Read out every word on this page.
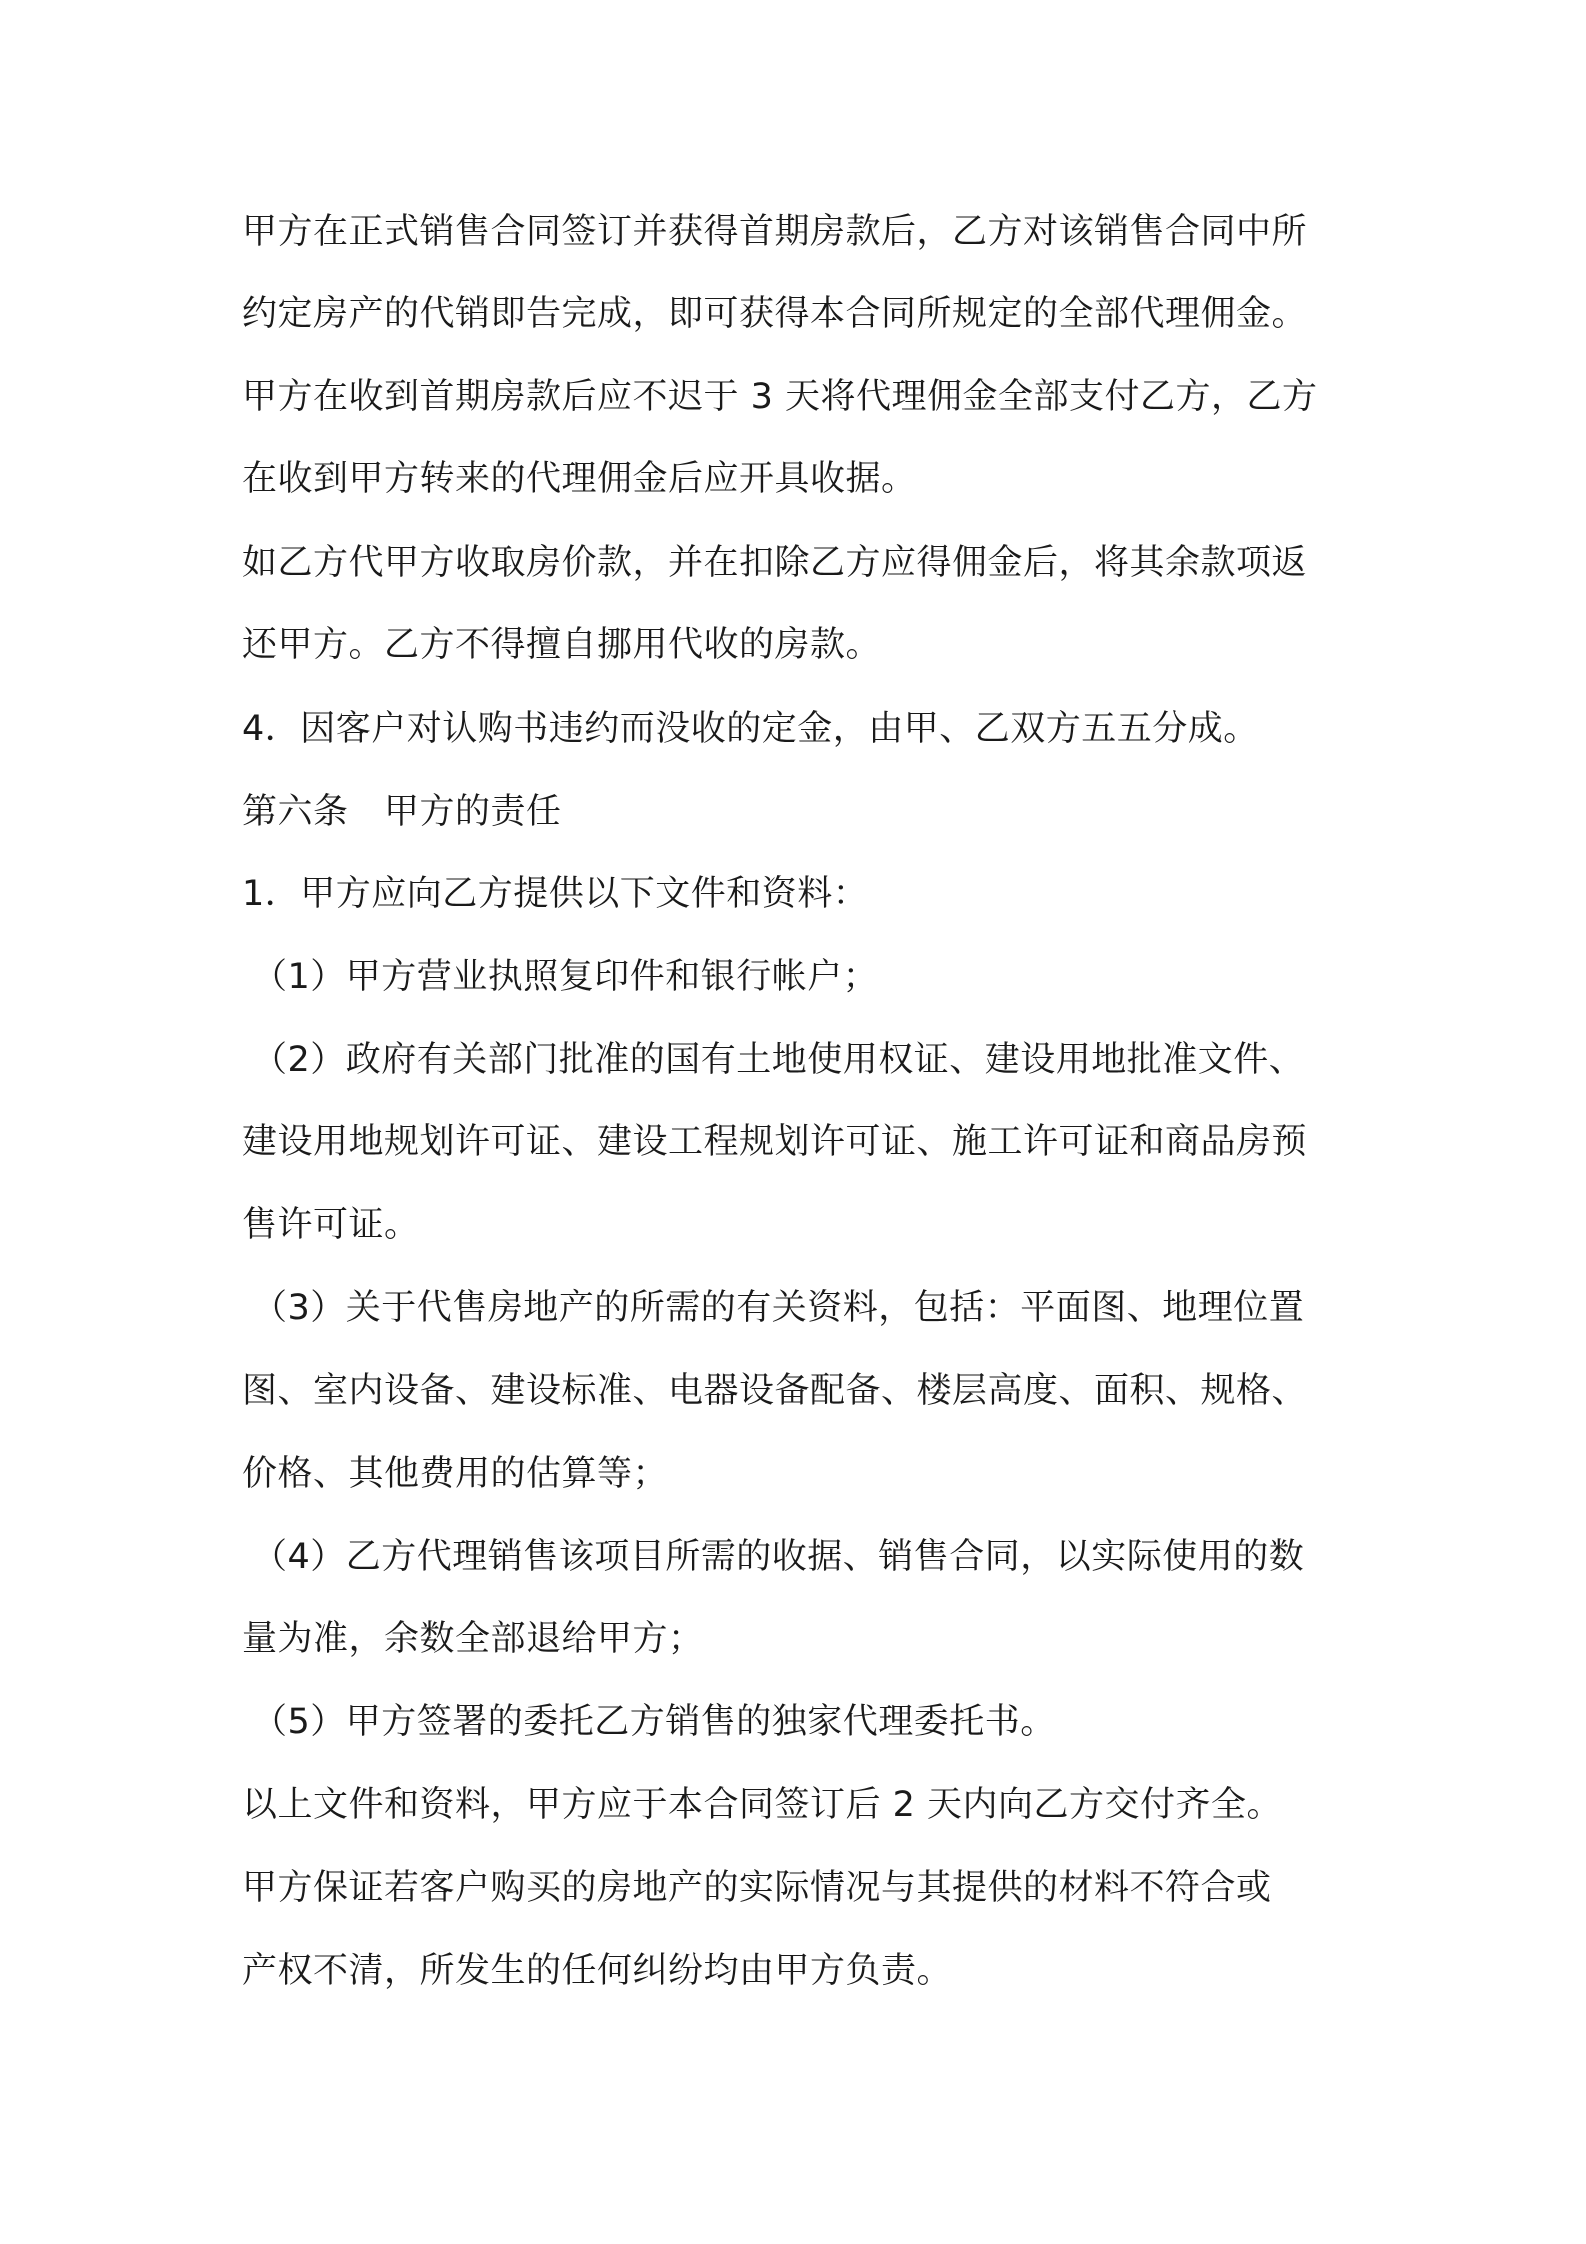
甲方在正式销售合同签订并获得首期房款后，乙方对该销售合同中所
约定房产的代销即告完成，即可获得本合同所规定的全部代理佣金。
甲方在收到首期房款后应不迟于 3 天将代理佣金全部支付乙方，乙方
在收到甲方转来的代理佣金后应开具收据。
如乙方代甲方收取房价款，并在扣除乙方应得佣金后，将其余款项返
还甲方。乙方不得擅自挪用代收的房款。
4．因客户对认购书违约而没收的定金，由甲、乙双方五五分成。
第六条　甲方的责任
1．甲方应向乙方提供以下文件和资料：
（1）甲方营业执照复印件和银行帐户；
（2）政府有关部门批准的国有土地使用权证、建设用地批准文件、
建设用地规划许可证、建设工程规划许可证、施工许可证和商品房预
售许可证。
（3）关于代售房地产的所需的有关资料，包括：平面图、地理位置
图、室内设备、建设标准、电器设备配备、楼层高度、面积、规格、
价格、其他费用的估算等；
（4）乙方代理销售该项目所需的收据、销售合同，以实际使用的数
量为准，余数全部退给甲方；
（5）甲方签署的委托乙方销售的独家代理委托书。
以上文件和资料，甲方应于本合同签订后 2 天内向乙方交付齐全。
甲方保证若客户购买的房地产的实际情况与其提供的材料不符合或
产权不清，所发生的任何纠纷均由甲方负责。
